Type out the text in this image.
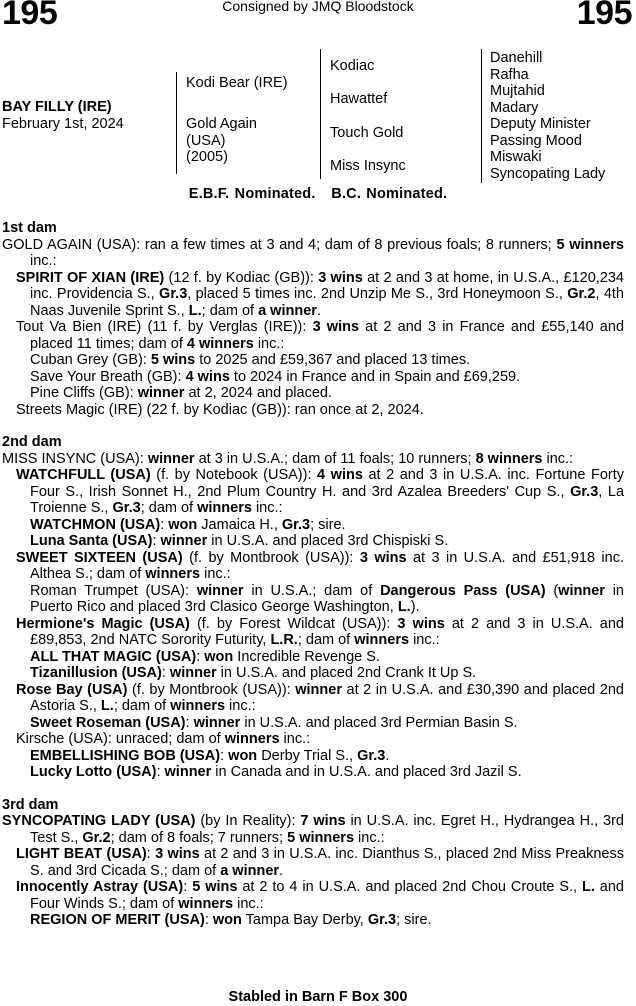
195	Consigned by JMQ Bloodstock	195
BAY FILLY (IRE)
February 1st, 2024
Kodi Bear (IRE)
Gold Again
(USA)
(2005)
Kodiac
Hawattef
Touch Gold
Miss Insync
Danehill
Rafha
Mujtahid
Madary
Deputy Minister
Passing Mood
Miswaki
Syncopating Lady
E.B.F. Nominated.   B.C. Nominated.
1st dam
GOLD AGAIN (USA): ran a few times at 3 and 4; dam of 8 previous foals; 8 runners; 5 winners inc.:
SPIRIT OF XIAN (IRE) (12 f. by Kodiac (GB)): 3 wins at 2 and 3 at home, in U.S.A., £120,234 inc. Providencia S., Gr.3, placed 5 times inc. 2nd Unzip Me S., 3rd Honeymoon S., Gr.2, 4th Naas Juvenile Sprint S., L.; dam of a winner.
Tout Va Bien (IRE) (11 f. by Verglas (IRE)): 3 wins at 2 and 3 in France and £55,140 and placed 11 times; dam of 4 winners inc.:
Cuban Grey (GB): 5 wins to 2025 and £59,367 and placed 13 times.
Save Your Breath (GB): 4 wins to 2024 in France and in Spain and £69,259.
Pine Cliffs (GB): winner at 2, 2024 and placed.
Streets Magic (IRE) (22 f. by Kodiac (GB)): ran once at 2, 2024.
2nd dam
MISS INSYNC (USA): winner at 3 in U.S.A.; dam of 11 foals; 10 runners; 8 winners inc.:
WATCHFULL (USA) (f. by Notebook (USA)): 4 wins at 2 and 3 in U.S.A. inc. Fortune Forty Four S., Irish Sonnet H., 2nd Plum Country H. and 3rd Azalea Breeders' Cup S., Gr.3, La Troienne S., Gr.3; dam of winners inc.:
WATCHMON (USA): won Jamaica H., Gr.3; sire.
Luna Santa (USA): winner in U.S.A. and placed 3rd Chispiski S.
SWEET SIXTEEN (USA) (f. by Montbrook (USA)): 3 wins at 3 in U.S.A. and £51,918 inc. Althea S.; dam of winners inc.:
Roman Trumpet (USA): winner in U.S.A.; dam of Dangerous Pass (USA) (winner in Puerto Rico and placed 3rd Clasico George Washington, L.).
Hermione's Magic (USA) (f. by Forest Wildcat (USA)): 3 wins at 2 and 3 in U.S.A. and £89,853, 2nd NATC Sorority Futurity, L.R.; dam of winners inc.:
ALL THAT MAGIC (USA): won Incredible Revenge S.
Tizanillusion (USA): winner in U.S.A. and placed 2nd Crank It Up S.
Rose Bay (USA) (f. by Montbrook (USA)): winner at 2 in U.S.A. and £30,390 and placed 2nd Astoria S., L.; dam of winners inc.:
Sweet Roseman (USA): winner in U.S.A. and placed 3rd Permian Basin S.
Kirsche (USA): unraced; dam of winners inc.:
EMBELLISHING BOB (USA): won Derby Trial S., Gr.3.
Lucky Lotto (USA): winner in Canada and in U.S.A. and placed 3rd Jazil S.
3rd dam
SYNCOPATING LADY (USA) (by In Reality): 7 wins in U.S.A. inc. Egret H., Hydrangea H., 3rd Test S., Gr.2; dam of 8 foals; 7 runners; 5 winners inc.:
LIGHT BEAT (USA): 3 wins at 2 and 3 in U.S.A. inc. Dianthus S., placed 2nd Miss Preakness S. and 3rd Cicada S.; dam of a winner.
Innocently Astray (USA): 5 wins at 2 to 4 in U.S.A. and placed 2nd Chou Croute S., L. and Four Winds S.; dam of winners inc.:
REGION OF MERIT (USA): won Tampa Bay Derby, Gr.3; sire.
Stabled in Barn F Box 300
